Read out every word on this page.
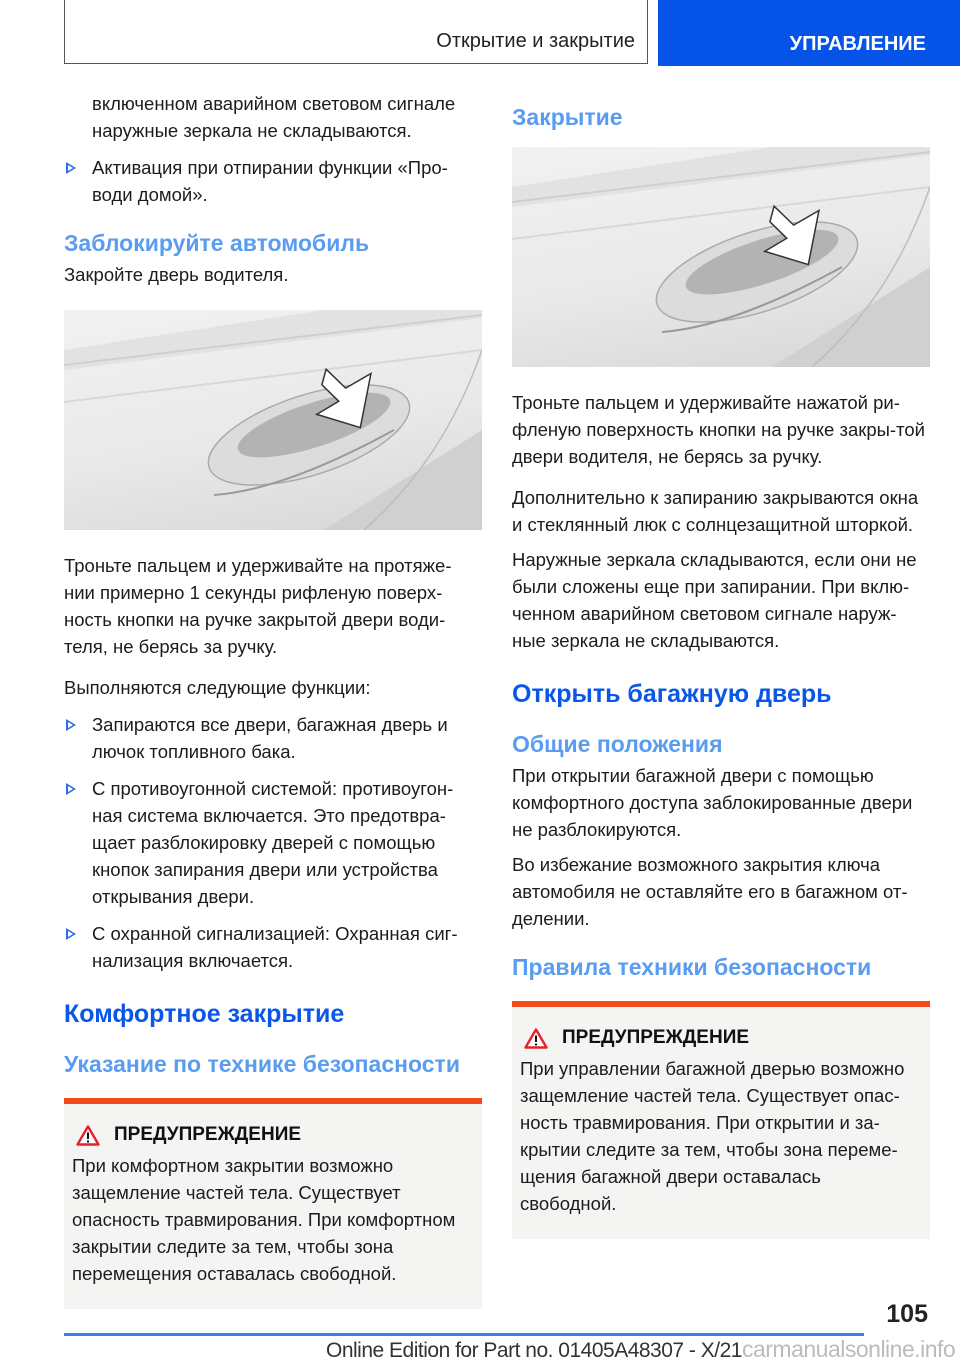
Открытие и закрытие	УПРАВЛЕНИЕ

включенном аварийном световом сигнале наружные зеркала не складываются.

Активация при отпирании функции «Про-води домой».

Заблокируйте автомобиль

Закройте дверь водителя.

Троньте пальцем и удерживайте на протяже-нии примерно 1 секунды рифленую поверх-ность кнопки на ручке закрытой двери води-теля, не берясь за ручку.

Выполняются следующие функции:

Запираются все двери, багажная дверь и лючок топливного бака.

С противоугонной системой: противоугон-ная система включается. Это предотвра-щает разблокировку дверей с помощью кнопок запирания двери или устройства открывания двери.

С охранной сигнализацией: Охранная сиг-нализация включается.

Комфортное закрытие
Указание по технике безопасности
ПРЕДУПРЕЖДЕНИЕ

При комфортном закрытии возможно защемление частей тела. Существует опасность травмирования. При комфортном закрытии следите за тем, чтобы зона перемещения оставалась свободной.

Закрытие

Троньте пальцем и удерживайте нажатой ри-фленую поверхность кнопки на ручке закры-той двери водителя, не берясь за ручку.

Дополнительно к запиранию закрываются окна и стеклянный люк с солнцезащитной шторкой.

Наружные зеркала складываются, если они не были сложены еще при запирании. При вклю-ченном аварийном световом сигнале наруж-ные зеркала не складываются.

Открыть багажную дверь
Общие положения

При открытии багажной двери с помощью комфортного доступа заблокированные двери не разблокируются.

Во избежание возможного закрытия ключа автомобиля не оставляйте его в багажном от-делении.

Правила техники безопасности
ПРЕДУПРЕЖДЕНИЕ

При управлении багажной дверью возможно защемление частей тела. Существует опас-ность травмирования. При открытии и за-крытии следите за тем, чтобы зона переме-щения багажной двери оставалась свободной.

105
Online Edition for Part no. 01405A48307 - X/21carmanualsonline.info
